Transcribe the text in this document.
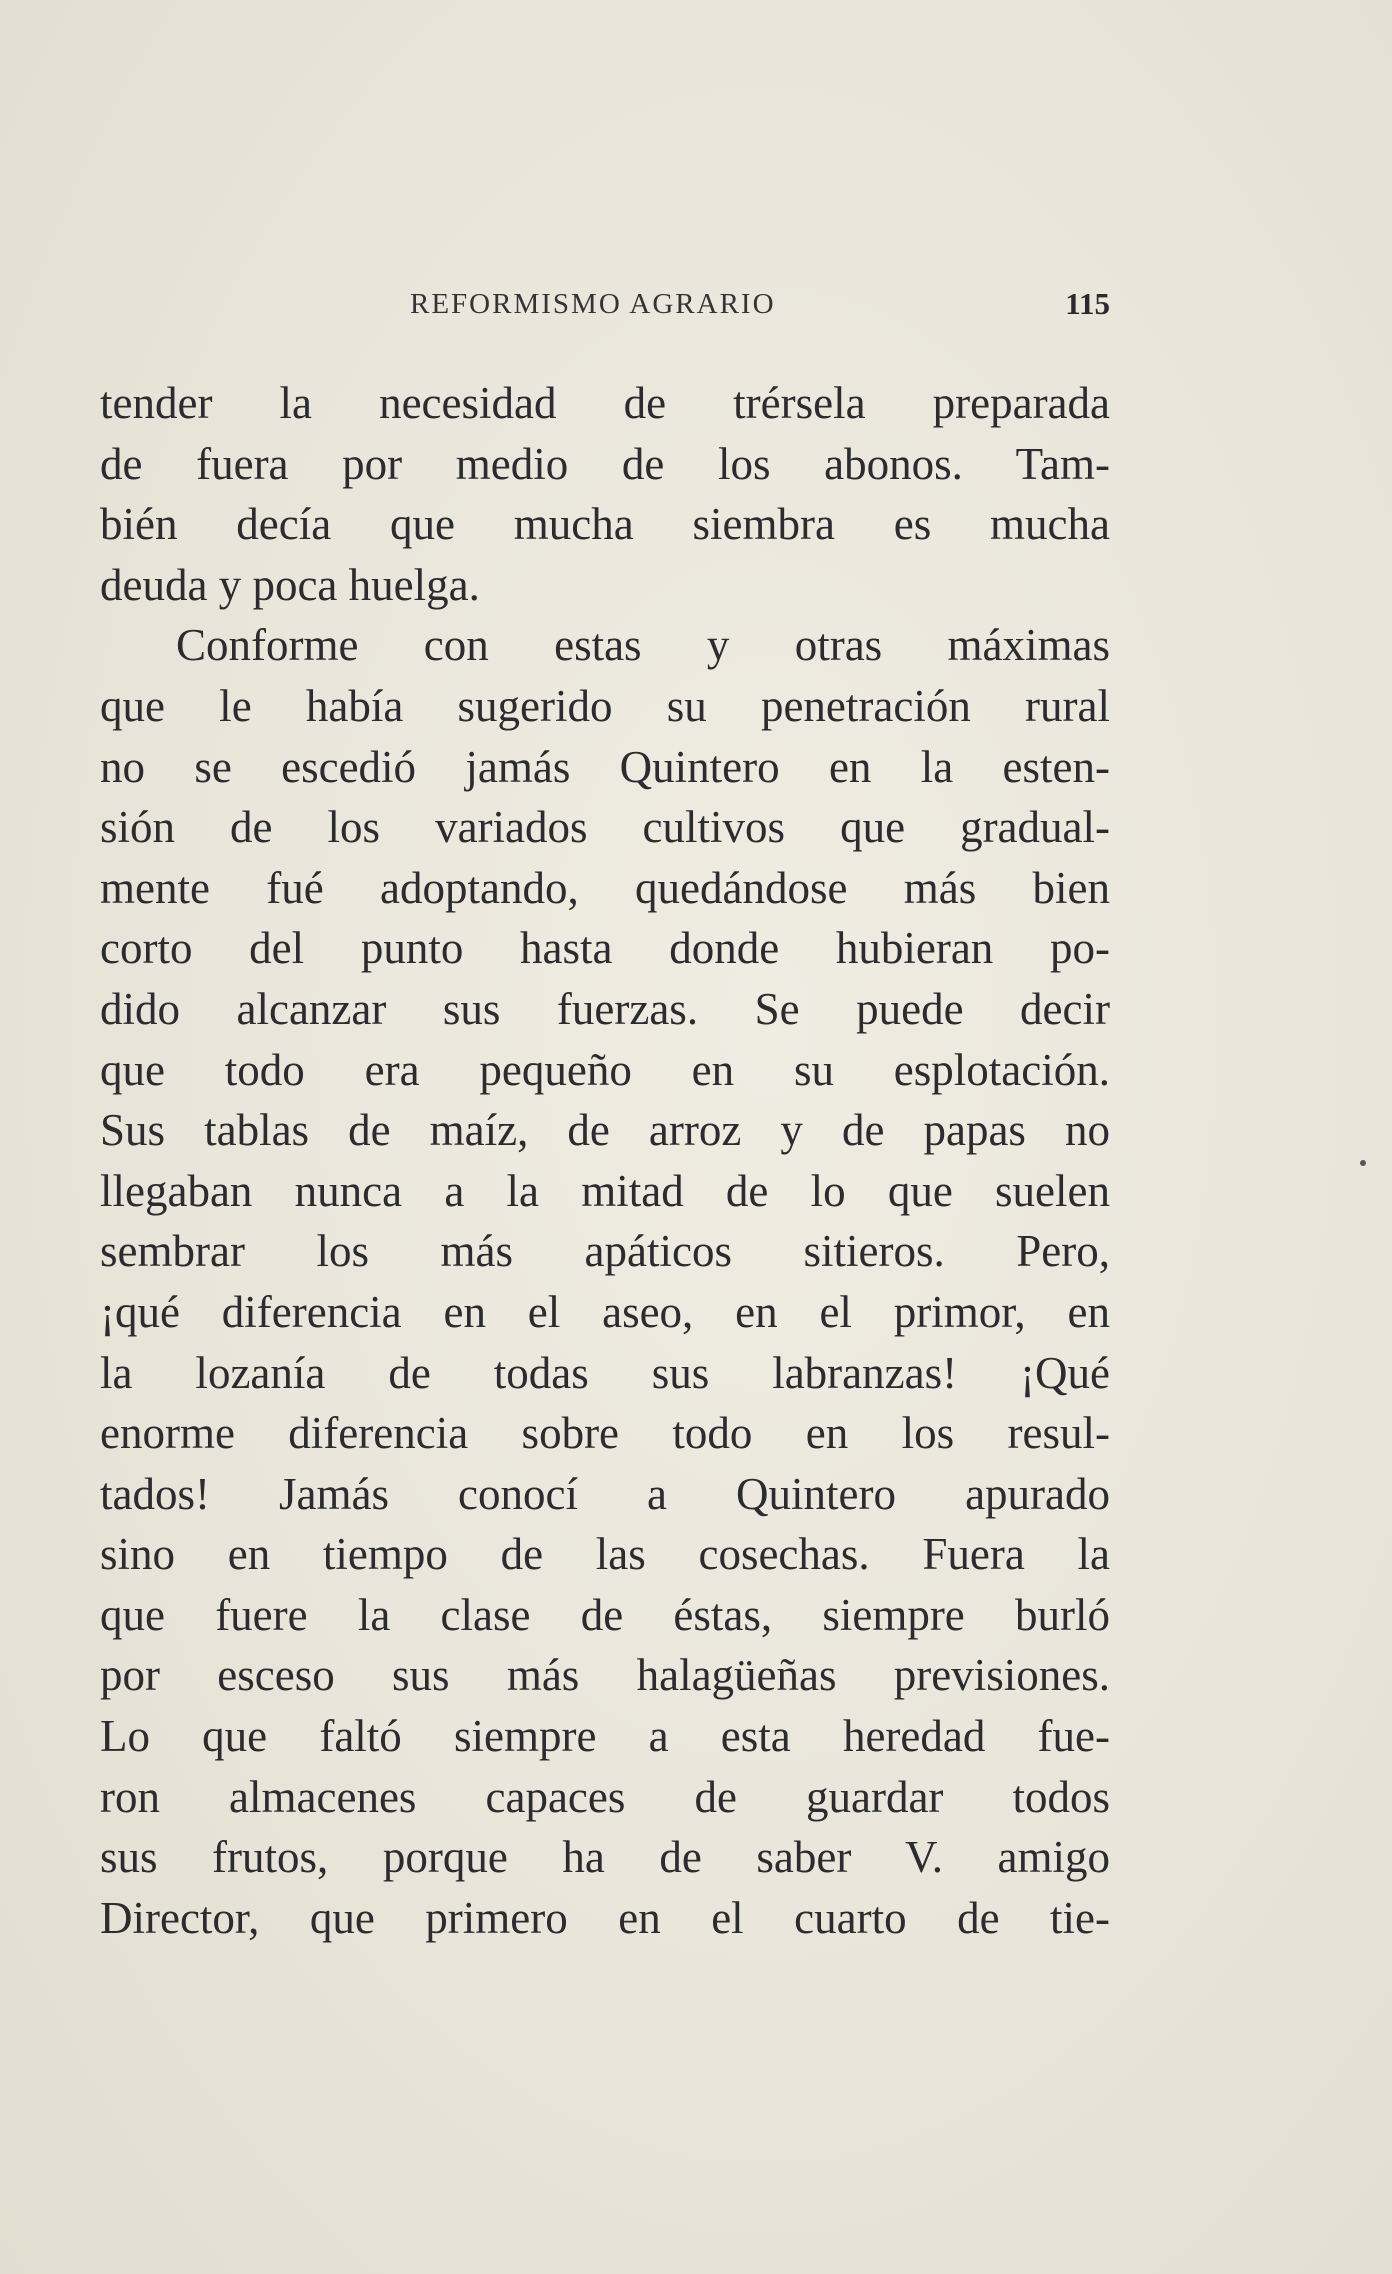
REFORMISMO AGRARIO	115
tender la necesidad de trérsela preparada
de fuera por medio de los abonos. Tam-
bién decía que mucha siembra es mucha
deuda y poca huelga.
Conforme con estas y otras máximas
que le había sugerido su penetración rural
no se escedió jamás Quintero en la esten-
sión de los variados cultivos que gradual-
mente fué adoptando, quedándose más bien
corto del punto hasta donde hubieran po-
dido alcanzar sus fuerzas. Se puede decir
que todo era pequeño en su esplotación.
Sus tablas de maíz, de arroz y de papas no
llegaban nunca a la mitad de lo que suelen
sembrar los más apáticos sitieros. Pero,
¡qué diferencia en el aseo, en el primor, en
la lozanía de todas sus labranzas! ¡Qué
enorme diferencia sobre todo en los resul-
tados! Jamás conocí a Quintero apurado
sino en tiempo de las cosechas. Fuera la
que fuere la clase de éstas, siempre burló
por esceso sus más halagüeñas previsiones.
Lo que faltó siempre a esta heredad fue-
ron almacenes capaces de guardar todos
sus frutos, porque ha de saber V. amigo
Director, que primero en el cuarto de tie-
